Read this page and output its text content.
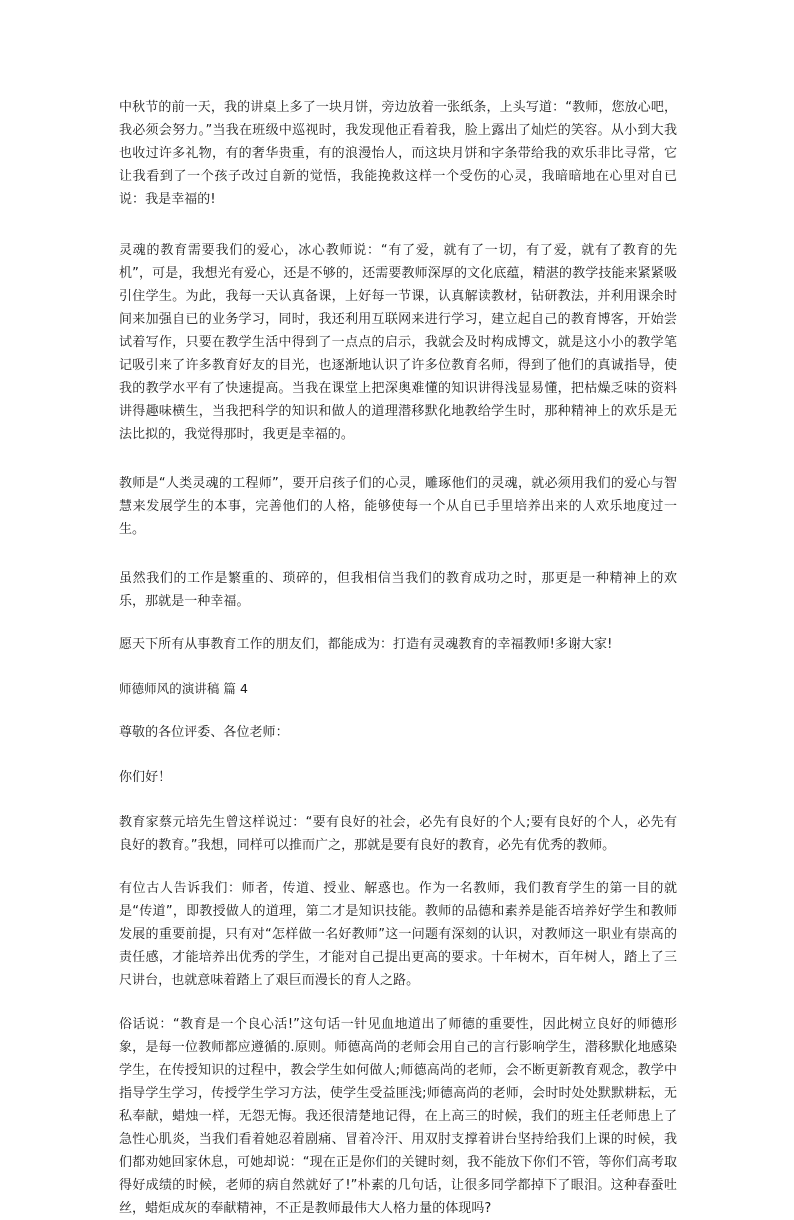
中秋节的前一天，我的讲桌上多了一块月饼，旁边放着一张纸条，上头写道：“教师，您放心吧，我必须会努力。”当我在班级中巡视时，我发现他正看着我，脸上露出了灿烂的笑容。从小到大我也收过许多礼物，有的奢华贵重，有的浪漫怡人，而这块月饼和字条带给我的欢乐非比寻常，它让我看到了一个孩子改过自新的觉悟，我能挽救这样一个受伤的心灵，我暗暗地在心里对自已说：我是幸福的!

灵魂的教育需要我们的爱心，冰心教师说：“有了爱，就有了一切，有了爱，就有了教育的先机”，可是，我想光有爱心，还是不够的，还需要教师深厚的文化底蕴，精湛的教学技能来紧紧吸引住学生。为此，我每一天认真备课，上好每一节课，认真解读教材，钻研教法，并利用课余时间来加强自已的业务学习，同时，我还利用互联网来进行学习，建立起自己的教育博客，开始尝试着写作，只要在教学生活中得到了一点点的启示，我就会及时构成博文，就是这小小的教学笔记吸引来了许多教育好友的目光，也逐渐地认识了许多位教育名师，得到了他们的真诚指导，使我的教学水平有了快速提高。当我在课堂上把深奥难懂的知识讲得浅显易懂，把枯燥乏味的资料讲得趣味横生，当我把科学的知识和做人的道理潜移默化地教给学生时，那种精神上的欢乐是无法比拟的，我觉得那时，我更是幸福的。

教师是“人类灵魂的工程师”，要开启孩子们的心灵，雕琢他们的灵魂，就必须用我们的爱心与智慧来发展学生的本事，完善他们的人格，能够使每一个从自已手里培养出来的人欢乐地度过一生。

虽然我们的工作是繁重的、琐碎的，但我相信当我们的教育成功之时，那更是一种精神上的欢乐，那就是一种幸福。

愿天下所有从事教育工作的朋友们，都能成为：打造有灵魂教育的幸福教师!多谢大家!

师德师风的演讲稿 篇 4

尊敬的各位评委、各位老师：

你们好！

教育家蔡元培先生曾这样说过：“要有良好的社会，必先有良好的个人;要有良好的个人，必先有良好的教育。”我想，同样可以推而广之，那就是要有良好的教育，必先有优秀的教师。

有位古人告诉我们：师者，传道、授业、解惑也。作为一名教师，我们教育学生的第一目的就是“传道”，即教授做人的道理，第二才是知识技能。教师的品德和素养是能否培养好学生和教师发展的重要前提，只有对“怎样做一名好教师”这一问题有深刻的认识，对教师这一职业有崇高的责任感，才能培养出优秀的学生，才能对自己提出更高的要求。十年树木，百年树人，踏上了三尺讲台，也就意味着踏上了艰巨而漫长的育人之路。

俗话说：“教育是一个良心活!”这句话一针见血地道出了师德的重要性，因此树立良好的师德形象，是每一位教师都应遵循的.原则。师德高尚的老师会用自己的言行影响学生，潜移默化地感染学生，在传授知识的过程中，教会学生如何做人;师德高尚的老师，会不断更新教育观念，教学中指导学生学习，传授学生学习方法，使学生受益匪浅;师德高尚的老师，会时时处处默默耕耘，无私奉献，蜡烛一样，无怨无悔。我还很清楚地记得，在上高三的时候，我们的班主任老师患上了急性心肌炎，当我们看着她忍着剧痛、冒着冷汗、用双肘支撑着讲台坚持给我们上课的时候，我们都劝她回家休息，可她却说：“现在正是你们的关键时刻，我不能放下你们不管，等你们高考取得好成绩的时候，老师的病自然就好了!”朴素的几句话，让很多同学都掉下了眼泪。这种春蚕吐丝，蜡炬成灰的奉献精神，不正是教师最伟大人格力量的体现吗?
